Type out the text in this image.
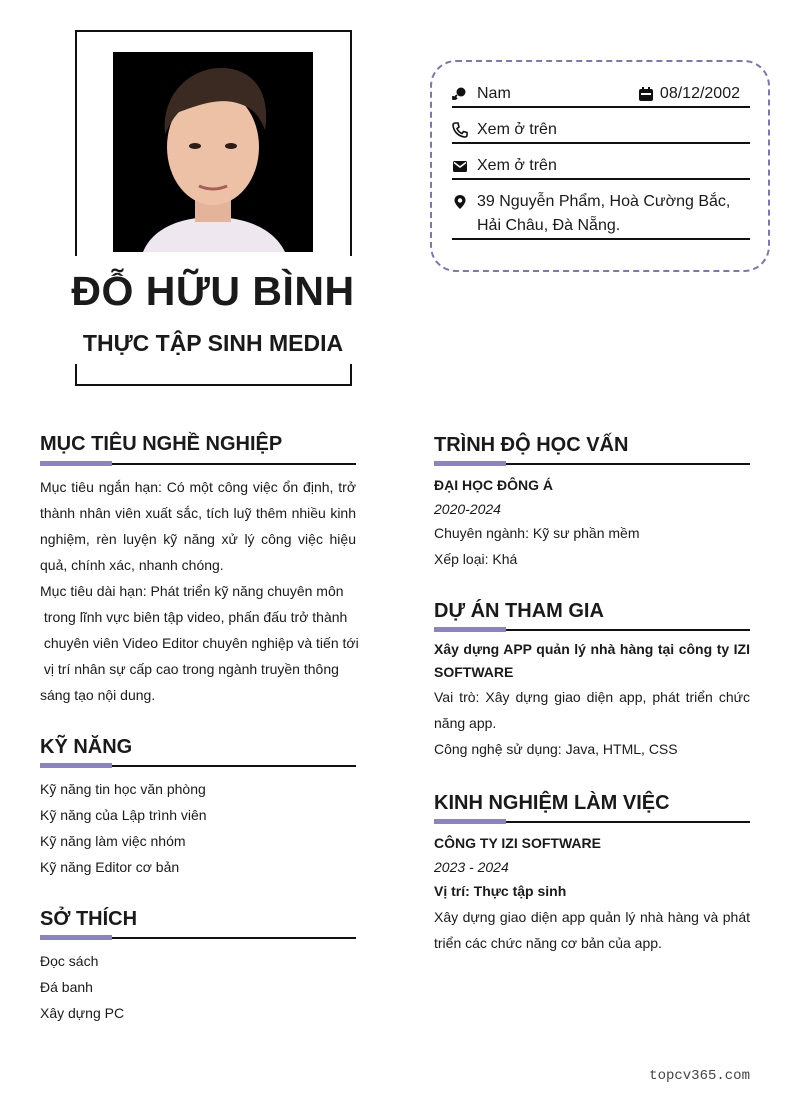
ĐỖ HỮU BÌNH
THỰC TẬP SINH MEDIA
Nam	08/12/2002
Xem ở trên
Xem ở trên
39 Nguyễn Phẩm, Hoà Cường Bắc, Hải Châu, Đà Nẵng.
MỤC TIÊU NGHỀ NGHIỆP

Mục tiêu ngắn hạn: Có một công việc ổn định, trở thành nhân viên xuất sắc, tích luỹ thêm nhiều kinh nghiệm, rèn luyện kỹ năng xử lý công việc hiệu quả, chính xác, nhanh chóng.

Mục tiêu dài hạn: Phát triển kỹ năng chuyên môn

trong lĩnh vực biên tập video, phấn đấu trở thành

chuyên viên Video Editor chuyên nghiệp và tiến tới

vị trí nhân sự cấp cao trong ngành truyền thông

sáng tạo nội dung.

KỸ NĂNG

Kỹ năng tin học văn phòng

Kỹ năng của Lập trình viên

Kỹ năng làm việc nhóm

Kỹ năng Editor cơ bản

SỞ THÍCH

Đọc sách

Đá banh

Xây dựng PC

TRÌNH ĐỘ HỌC VẤN

ĐẠI HỌC ĐÔNG Á

2020-2024

Chuyên ngành: Kỹ sư phần mềm

Xếp loại: Khá

DỰ ÁN THAM GIA

Xây dựng APP quản lý nhà hàng tại công ty IZI SOFTWARE

Vai trò: Xây dựng giao diện app, phát triển chức năng app.

Công nghệ sử dụng: Java, HTML, CSS

KINH NGHIỆM LÀM VIỆC

CÔNG TY IZI SOFTWARE

2023 - 2024

Vị trí: Thực tập sinh

Xây dựng giao diện app quản lý nhà hàng và phát triển các chức năng cơ bản của app.

topcv365.com
